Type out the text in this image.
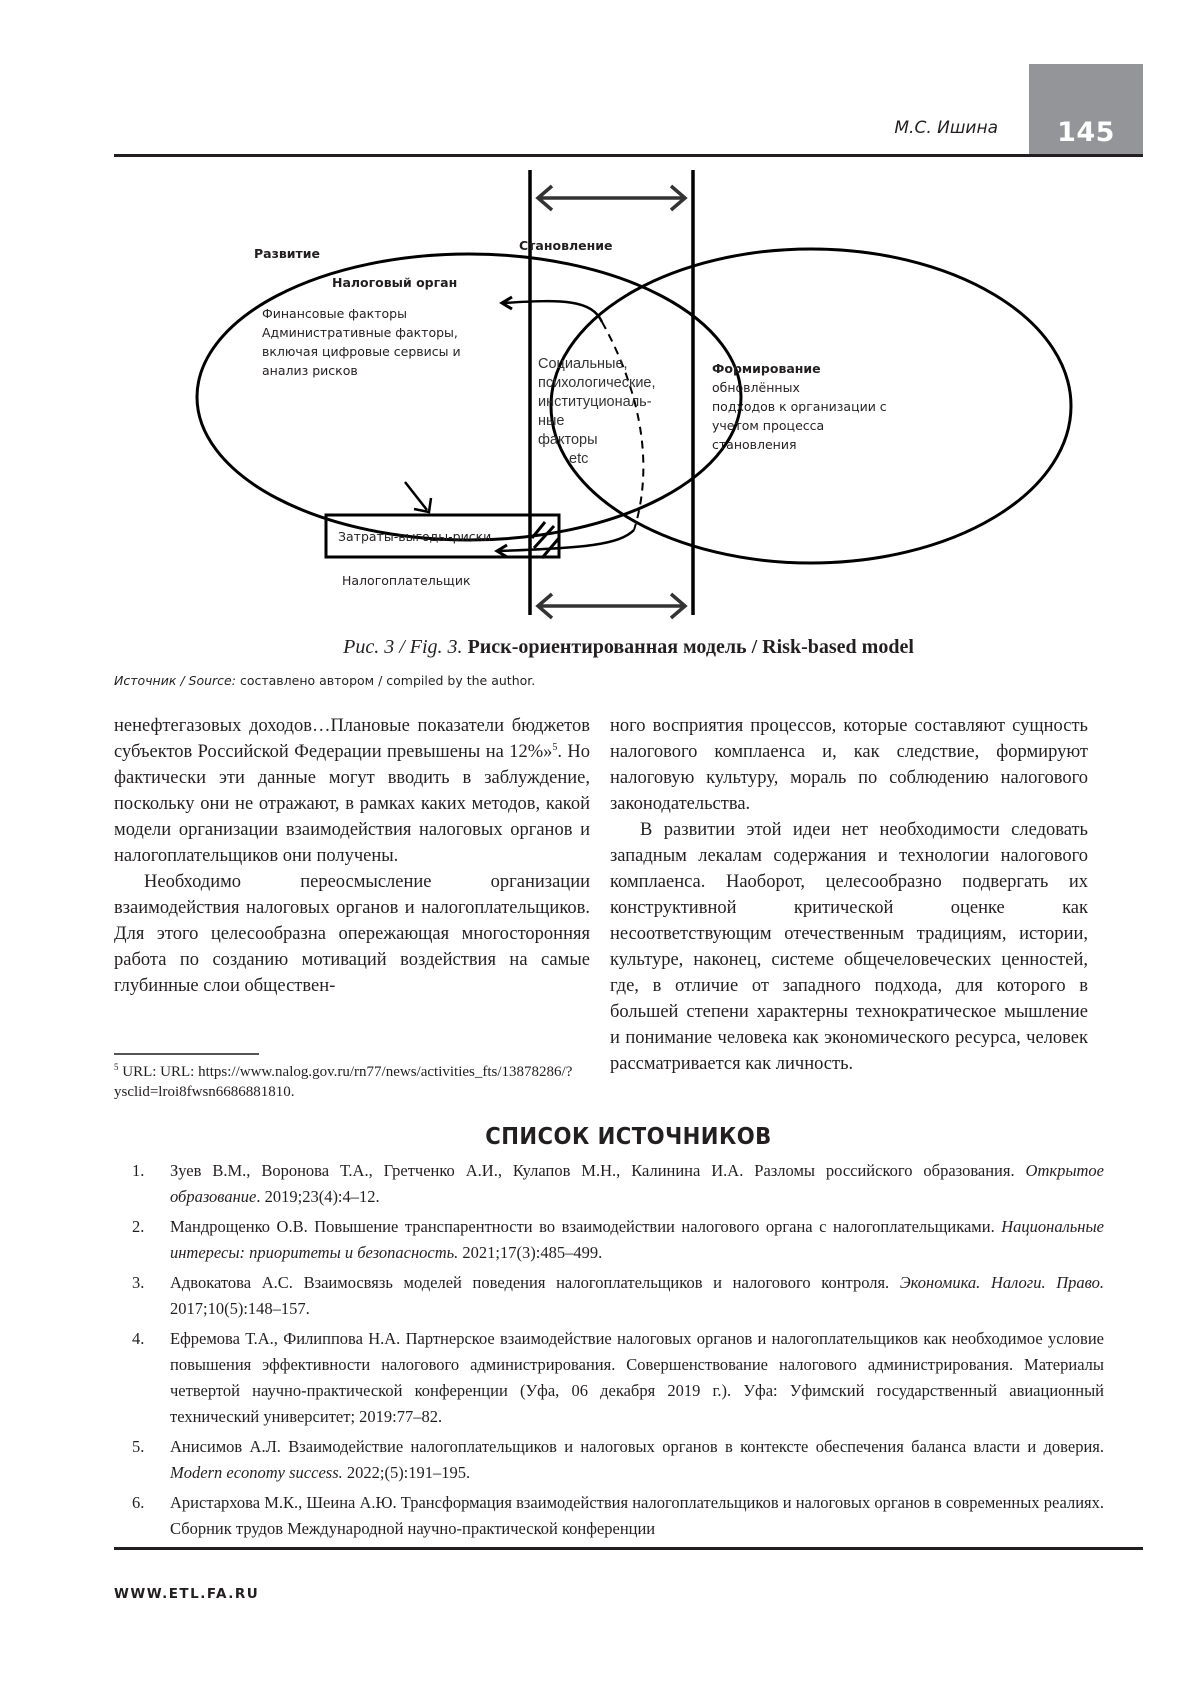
145
М.С. Ишина
Развитие
Становление
Налоговый орган
Финансовые факторы
Административные факторы,
включая цифровые сервисы и
анализ рисков	Социальные,
психологические,
институциональ-
ные
факторы
etc
Формирование
обновлённых
подходов к организации с
учетом процесса
становления
Затраты-выгоды-риски
Налогоплательщик
Рис. 3 / Fig. 3. Риск-ориентированная модель / Risk-based model
Источник / Source: составлено автором / compiled by the author.

ненефтегазовых доходов…Плановые показатели бюджетов субъектов Российской Федерации превышены на 12%»$^5$. Но фактически эти данные могут вводить в заблуждение, поскольку они не отражают, в рамках каких методов, какой модели организации взаимодействия налоговых органов и налогоплательщиков они получены.

Необходимо переосмысление организации взаимодействия налоговых органов и налогоплательщиков. Для этого целесообразна опережающая многосторонняя работа по созданию мотиваций воздействия на самые глубинные слои обществен-

ного восприятия процессов, которые составляют сущность налогового комплаенса и, как следствие, формируют налоговую культуру, мораль по соблюдению налогового законодательства.

В развитии этой идеи нет необходимости следовать западным лекалам содержания и технологии налогового комплаенса. Наоборот, целесообразно подвергать их конструктивной критической оценке как несоответствующим отечественным традициям, истории, культуре, наконец, системе общечеловеческих ценностей, где, в отличие от западного подхода, для которого в большей степени характерны технократическое мышление и понимание человека как экономического ресурса, человек рассматривается как личность.

$^5$ URL: URL: https://www.nalog.gov.ru/rn77/news/activities_fts/13878286/?ysclid=lroi8fwsn6686881810.
СПИСОК ИСТОЧНИКОВ
1. Зуев В.М., Воронова Т.А., Гретченко А.И., Кулапов М.Н., Калинина И.А. Разломы российского образования. Открытое образование. 2019;23(4):4–12.
2. Мандрощенко О.В. Повышение транспарентности во взаимодействии налогового органа с налогоплательщиками. Национальные интересы: приоритеты и безопасность. 2021;17(3):485–499.
3. Адвокатова А.С. Взаимосвязь моделей поведения налогоплательщиков и налогового контроля. Экономика. Налоги. Право. 2017;10(5):148–157.
4. Ефремова Т.А., Филиппова Н.А. Партнерское взаимодействие налоговых органов и налогоплательщиков как необходимое условие повышения эффективности налогового администрирования. Совершенствование налогового администрирования. Материалы четвертой научно-практической конференции (Уфа, 06 декабря 2019 г.). Уфа: Уфимский государственный авиационный технический университет; 2019:77–82.
5. Анисимов А.Л. Взаимодействие налогоплательщиков и налоговых органов в контексте обеспечения баланса власти и доверия. Modern economy success. 2022;(5):191–195.
6. Аристархова М.К., Шеина А.Ю. Трансформация взаимодействия налогоплательщиков и налоговых органов в современных реалиях. Сборник трудов Международной научно-практической конференции
WWW.ETL.FA.RU
